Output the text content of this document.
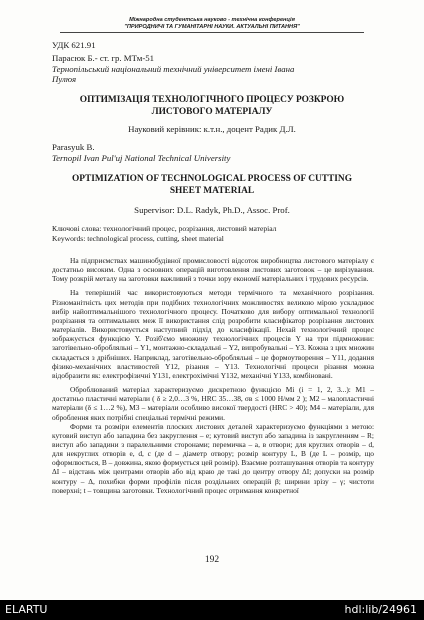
Міжнародна студентська науково - технічна конференція
"ПРИРОДНИЧІ ТА ГУМАНІТАРНІ НАУКИ. АКТУАЛЬНІ ПИТАННЯ"
УДК 621.91
Парасюк Б.- ст. гр. МТм-51
Тернопільський національний технічний університет імені Івана
Пулюя
ОПТИМІЗАЦІЯ ТЕХНОЛОГІЧНОГО ПРОЦЕСУ РОЗКРОЮ
ЛИСТОВОГО МАТЕРІАЛУ
Науковий керівник: к.т.н., доцент Радик Д.Л.
Parasyuk B.
Ternopil Ivan Pul'uj National Technical University
OPTIMIZATION OF TECHNOLOGICAL PROCESS OF CUTTING
SHEET MATERIAL
Supervisor: D.L. Radyk, Ph.D., Assoc. Prof.
Ключові слова: технологічний процес, розрізання, листовий матеріал
Keywords: technological process, cutting, sheet material

На підприємствах машинобудівної промисловості відсоток виробництва листового матеріалу є достатньо високим. Одна з основних операцій виготовлення листових заготовок – це вирізування. Тому розкрій металу на заготовки важливий з точки зору економії матеріальних і трудових ресурсів.

На теперішній час використовуються методи термічного та механічного розрізання. Різноманітність цих методів при подібних технологічних можливостях великою мірою ускладнює вибір найоптимальнішого технологічного процесу. Початково для вибору оптимальної технології розрізання та оптимальних меж її використання слід розробити класифікатор розрізання листових матеріалів. Використовується наступний підхід до класифікації. Нехай технологічний процес зображується функцією Y. Розіб'ємо множину технологічних процесів Y на три підмножини: заготівельно-обробляльні – Y1, монтажно-складальні – Y2, випробувальні – Y3. Кожна з цих множин складається з дрібніших. Наприклад, заготівельно-обробляльні – це формоутворення – Y11, додання фізико-механічних властивостей Y12, різання – Y13. Технологічні процеси різання можна відобразити як: електрофізичні Y131, електрохімічні Y132, механічні Y133, комбіновані.

Оброблюваний матеріал характеризуємо дискретною функцією Mi (i = 1, 2, 3...): M1 – достатньо пластичні матеріали ( δ ≥ 2,0…3 %, HRC 35…38, σв ≤ 1000 Н/мм 2 ); M2 – малопластичні матеріали (δ ≤ 1…2 %), M3 – матеріали особливо високої твердості (HRC > 40); M4 – матеріали, для оброблення яких потрібні спеціальні термічні режими.

Форми та розміри елементів плоских листових деталей характеризуємо функціями з метою: кутовий виступ або западина без закруглення – е; кутовий виступ або западина із закругленням – R; виступ або западини з паралельними сторонами; перемичка – а, в отвори; для круглих отворів – d, для некруглих отворів e, d, c (де d – діаметр отвору; розмір контуру L, B (де L – розмір, що оформлюється, B – довжина, якою формується цей розмір). Взаємне розташування отворів та контуру ΔI – відстань між центрами отворів або від краю де такі до центру отвору ΔI; допуски на розмір контуру – Δ, похибки форми профілів після роздільних операцій β; ширини зрізу – γ; чистоти поверхні; t – товщина заготовки. Технологічний процес отримання конкретної

192
ELARTU	hdl:lib/24961
